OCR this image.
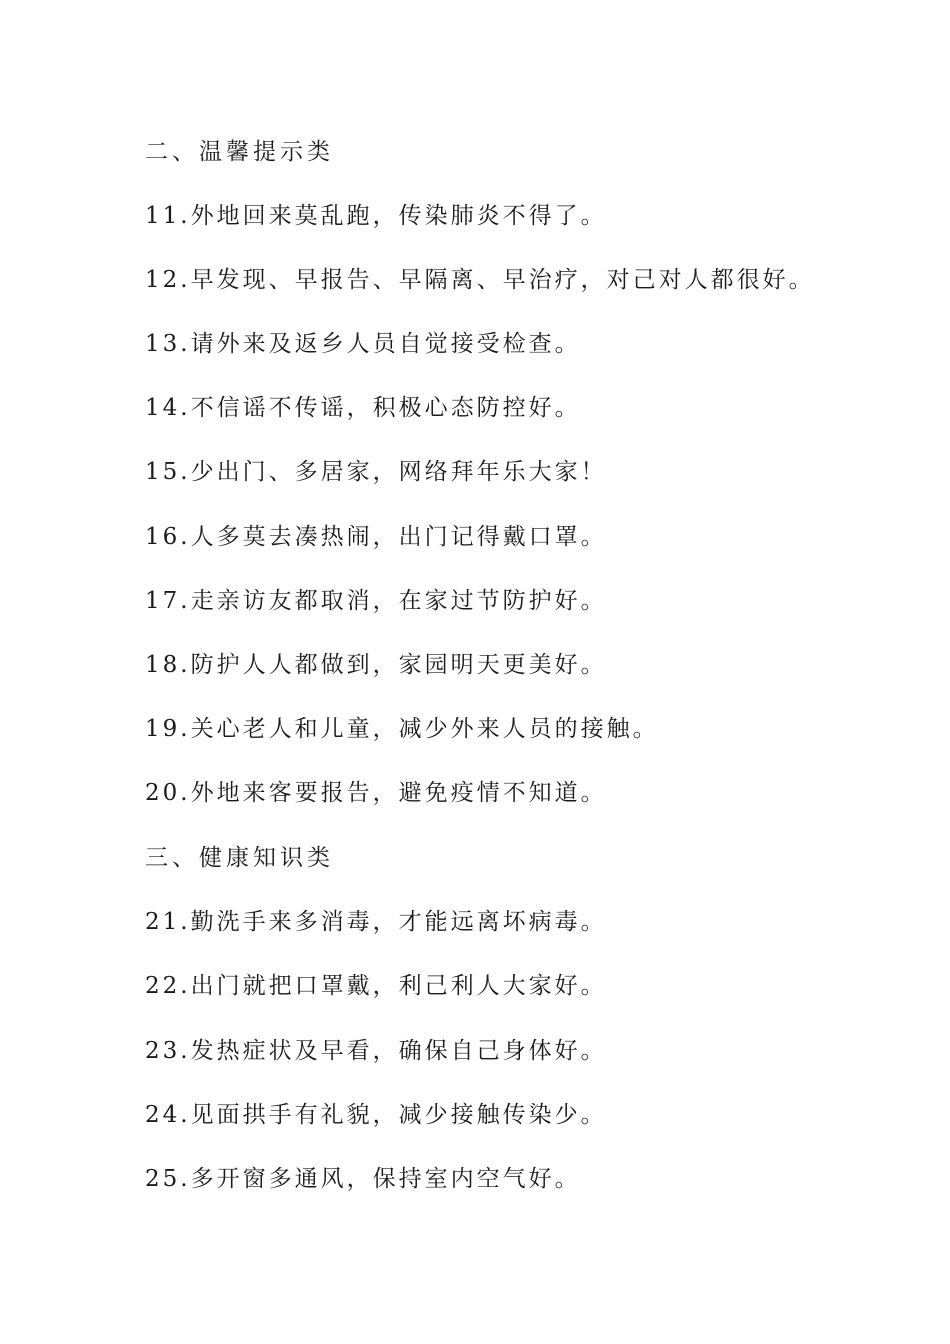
二、温馨提示类
11.外地回来莫乱跑，传染肺炎不得了。
12.早发现、早报告、早隔离、早治疗，对己对人都很好。
13.请外来及返乡人员自觉接受检查。
14.不信谣不传谣，积极心态防控好。
15.少出门、多居家，网络拜年乐大家！
16.人多莫去凑热闹，出门记得戴口罩。
17.走亲访友都取消，在家过节防护好。
18.防护人人都做到，家园明天更美好。
19.关心老人和儿童，减少外来人员的接触。
20.外地来客要报告，避免疫情不知道。
三、健康知识类
21.勤洗手来多消毒，才能远离坏病毒。
22.出门就把口罩戴，利己利人大家好。
23.发热症状及早看，确保自己身体好。
24.见面拱手有礼貌，减少接触传染少。
25.多开窗多通风，保持室内空气好。
